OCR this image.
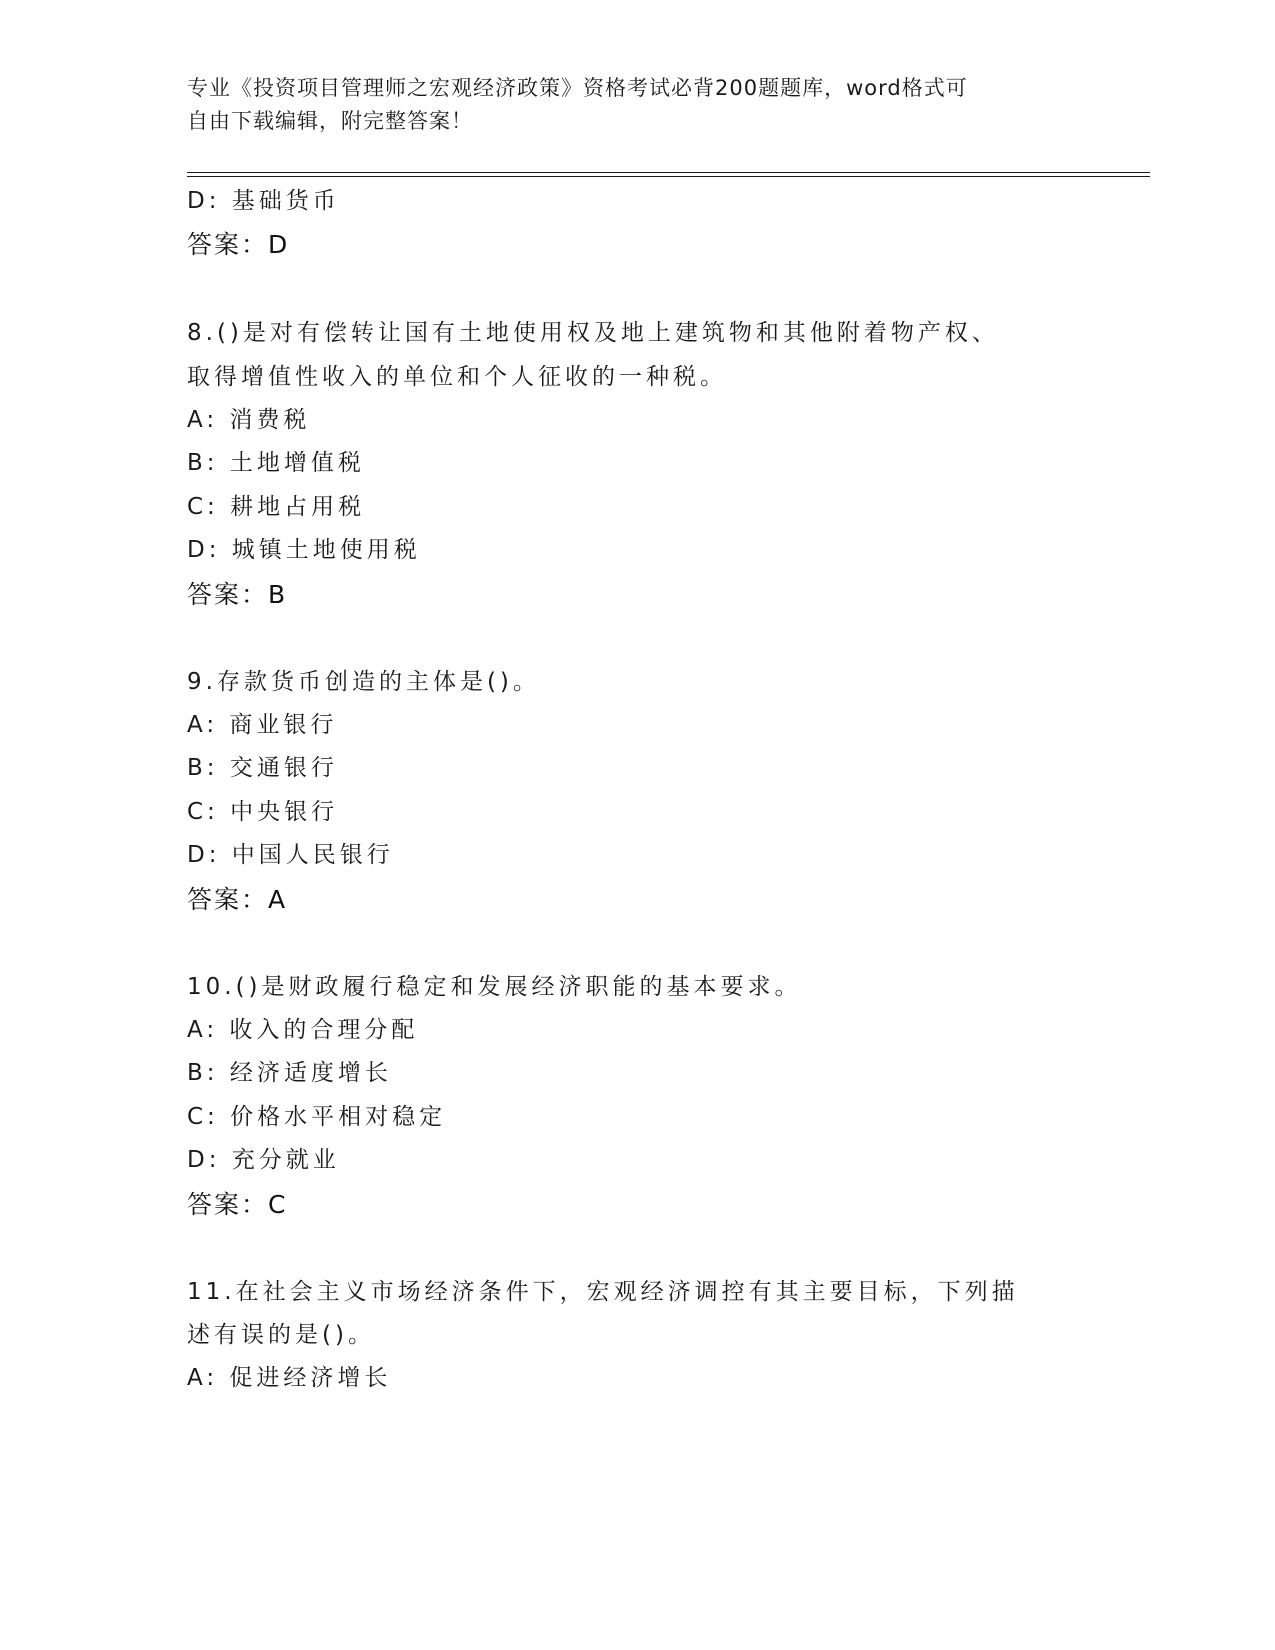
专业《投资项目管理师之宏观经济政策》资格考试必背200题题库，word格式可
自由下载编辑，附完整答案！
D: 基础货币
答案：D
8.()是对有偿转让国有土地使用权及地上建筑物和其他附着物产权、
取得增值性收入的单位和个人征收的一种税。
A: 消费税
B: 土地增值税
C: 耕地占用税
D: 城镇土地使用税
答案：B
9.存款货币创造的主体是()。
A: 商业银行
B: 交通银行
C: 中央银行
D: 中国人民银行
答案：A
10.()是财政履行稳定和发展经济职能的基本要求。
A: 收入的合理分配
B: 经济适度增长
C: 价格水平相对稳定
D: 充分就业
答案：C
11.在社会主义市场经济条件下，宏观经济调控有其主要目标，下列描
述有误的是()。
A: 促进经济增长
